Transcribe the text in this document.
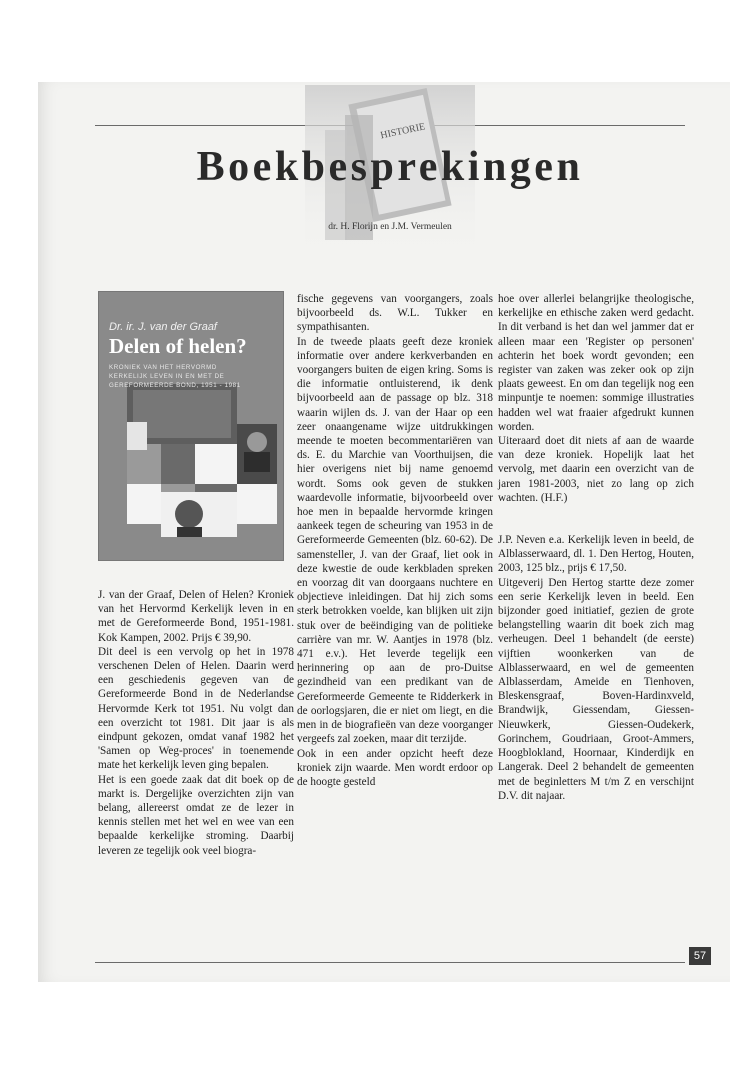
HISTORIE
Boekbesprekingen
dr. H. Florijn en J.M. Vermeulen
Dr. ir. J. van der Graaf
Delen of helen?
KRONIEK VAN HET HERVORMD
KERKELIJK LEVEN IN EN MET DE
GEREFORMEERDE BOND, 1951 - 1981

J. van der Graaf, Delen of Helen? Kroniek van het Hervormd Kerkelijk leven in en met de Gereformeerde Bond, 1951-1981. Kok Kampen, 2002. Prijs € 39,90.

Dit deel is een vervolg op het in 1978 verschenen Delen of Helen. Daarin werd een geschiedenis gegeven van de Gereformeerde Bond in de Nederlandse Hervormde Kerk tot 1951. Nu volgt dan een overzicht tot 1981. Dit jaar is als eindpunt gekozen, omdat vanaf 1982 het 'Samen op Weg-proces' in toenemende mate het kerkelijk leven ging bepalen.

Het is een goede zaak dat dit boek op de markt is. Dergelijke overzichten zijn van belang, allereerst omdat ze de lezer in kennis stellen met het wel en wee van een bepaalde kerkelijke stroming. Daarbij leveren ze tegelijk ook veel biogra-

fische gegevens van voorgangers, zoals bijvoorbeeld ds. W.L. Tukker en sympathisanten.

In de tweede plaats geeft deze kroniek informatie over andere kerkverbanden en voorgangers buiten de eigen kring. Soms is die informatie ontluisterend, ik denk bijvoorbeeld aan de passage op blz. 318 waarin wijlen ds. J. van der Haar op een zeer onaangename wijze uitdrukkingen meende te moeten becommentariëren van ds. E. du Marchie van Voorthuijsen, die hier overigens niet bij name genoemd wordt. Soms ook geven de stukken waardevolle informatie, bijvoorbeeld over hoe men in bepaalde hervormde kringen aankeek tegen de scheuring van 1953 in de Gereformeerde Gemeenten (blz. 60-62). De samensteller, J. van der Graaf, liet ook in deze kwestie de oude kerkbladen spreken en voorzag dit van doorgaans nuchtere en objectieve inleidingen. Dat hij zich soms sterk betrokken voelde, kan blijken uit zijn stuk over de beëindiging van de politieke carrière van mr. W. Aantjes in 1978 (blz. 471 e.v.). Het leverde tegelijk een herinnering op aan de pro-Duitse gezindheid van een predikant van de Gereformeerde Gemeente te Ridderkerk in de oorlogsjaren, die er niet om liegt, en die men in de biografieën van deze voorganger vergeefs zal zoeken, maar dit terzijde.

Ook in een ander opzicht heeft deze kroniek zijn waarde. Men wordt erdoor op de hoogte gesteld

hoe over allerlei belangrijke theologische, kerkelijke en ethische zaken werd gedacht. In dit verband is het dan wel jammer dat er alleen maar een 'Register op personen' achterin het boek wordt gevonden; een register van zaken was zeker ook op zijn plaats geweest. En om dan tegelijk nog een minpuntje te noemen: sommige illustraties hadden wel wat fraaier afgedrukt kunnen worden.

Uiteraard doet dit niets af aan de waarde van deze kroniek. Hopelijk laat het vervolg, met daarin een overzicht van de jaren 1981-2003, niet zo lang op zich wachten. (H.F.)

J.P. Neven e.a. Kerkelijk leven in beeld, de Alblasserwaard, dl. 1. Den Hertog, Houten, 2003, 125 blz., prijs € 17,50.

Uitgeverij Den Hertog startte deze zomer een serie Kerkelijk leven in beeld. Een bijzonder goed initiatief, gezien de grote belangstelling waarin dit boek zich mag verheugen. Deel 1 behandelt (de eerste) vijftien woonkerken van de Alblasserwaard, en wel de gemeenten Alblasserdam, Ameide en Tienhoven, Bleskensgraaf, Boven-Hardinxveld, Brandwijk, Giessendam, Giessen-Nieuwkerk, Giessen-Oudekerk, Gorinchem, Goudriaan, Groot-Ammers, Hoogblokland, Hoornaar, Kinderdijk en Langerak. Deel 2 behandelt de gemeenten met de beginletters M t/m Z en verschijnt D.V. dit najaar.

57
